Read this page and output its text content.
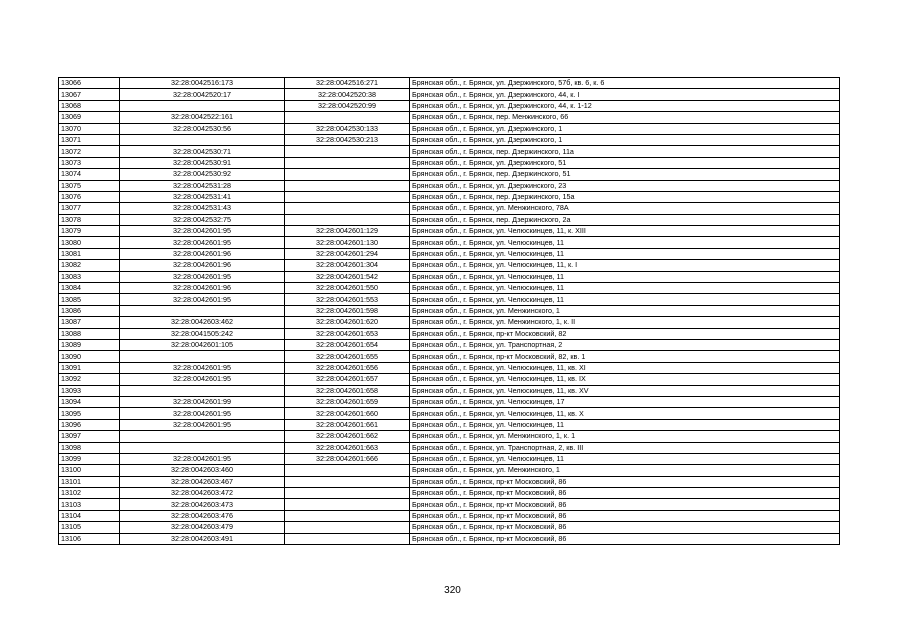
13066	32:28:0042516:173	32:28:0042516:271	Брянская обл., г. Брянск, ул. Дзержинского, 57б, кв. 6, к. 6
13067	32:28:0042520:17	32:28:0042520:38	Брянская обл., г. Брянск, ул. Дзержинского, 44, к. I
13068		32:28:0042520:99	Брянская обл., г. Брянск, ул. Дзержинского, 44, к. 1-12
13069	32:28:0042522:161		Брянская обл., г. Брянск, пер. Менжинского, 66
13070	32:28:0042530:56	32:28:0042530:133	Брянская обл., г. Брянск, ул. Дзержинского, 1
13071		32:28:0042530:213	Брянская обл., г. Брянск, ул. Дзержинского, 1
13072	32:28:0042530:71		Брянская обл., г. Брянск, пер. Дзержинского, 11а
13073	32:28:0042530:91		Брянская обл., г. Брянск, ул. Дзержинского, 51
13074	32:28:0042530:92		Брянская обл., г. Брянск, пер. Дзержинского, 51
13075	32:28:0042531:28		Брянская обл., г. Брянск, ул. Дзержинского, 23
13076	32:28:0042531:41		Брянская обл., г. Брянск, пер. Дзержинского, 15а
13077	32:28:0042531:43		Брянская обл., г. Брянск, ул. Менжинского, 78А
13078	32:28:0042532:75		Брянская обл., г. Брянск, пер. Дзержинского, 2а
13079	32:28:0042601:95	32:28:0042601:129	Брянская обл., г. Брянск, ул. Челюскинцев, 11, к. XIII
13080	32:28:0042601:95	32:28:0042601:130	Брянская обл., г. Брянск, ул. Челюскинцев, 11
13081	32:28:0042601:96	32:28:0042601:294	Брянская обл., г. Брянск, ул. Челюскинцев, 11
13082	32:28:0042601:96	32:28:0042601:304	Брянская обл., г. Брянск, ул. Челюскинцев, 11, к. I
13083	32:28:0042601:95	32:28:0042601:542	Брянская обл., г. Брянск, ул. Челюскинцев, 11
13084	32:28:0042601:96	32:28:0042601:550	Брянская обл., г. Брянск, ул. Челюскинцев, 11
13085	32:28:0042601:95	32:28:0042601:553	Брянская обл., г. Брянск, ул. Челюскинцев, 11
13086		32:28:0042601:598	Брянская обл., г. Брянск, ул. Менжинского, 1
13087	32:28:0042603:462	32:28:0042601:620	Брянская обл., г. Брянск, ул. Менжинского, 1, к. II
13088	32:28:0041505:242	32:28:0042601:653	Брянская обл., г. Брянск, пр-кт Московский, 82
13089	32:28:0042601:105	32:28:0042601:654	Брянская обл., г. Брянск, ул. Транспортная, 2
13090		32:28:0042601:655	Брянская обл., г. Брянск, пр-кт Московский, 82, кв. 1
13091	32:28:0042601:95	32:28:0042601:656	Брянская обл., г. Брянск, ул. Челюскинцев, 11, кв. XI
13092	32:28:0042601:95	32:28:0042601:657	Брянская обл., г. Брянск, ул. Челюскинцев, 11, кв. IX
13093		32:28:0042601:658	Брянская обл., г. Брянск, ул. Челюскинцев, 11, кв. XV
13094	32:28:0042601:99	32:28:0042601:659	Брянская обл., г. Брянск, ул. Челюскинцев, 17
13095	32:28:0042601:95	32:28:0042601:660	Брянская обл., г. Брянск, ул. Челюскинцев, 11, кв. X
13096	32:28:0042601:95	32:28:0042601:661	Брянская обл., г. Брянск, ул. Челюскинцев, 11
13097		32:28:0042601:662	Брянская обл., г. Брянск, ул. Менжинского, 1, к. 1
13098		32:28:0042601:663	Брянская обл., г. Брянск, ул. Транспортная, 2, кв. III
13099	32:28:0042601:95	32:28:0042601:666	Брянская обл., г. Брянск, ул. Челюскинцев, 11
13100	32:28:0042603:460		Брянская обл., г. Брянск, ул. Менжинского, 1
13101	32:28:0042603:467		Брянская обл., г. Брянск, пр-кт Московский, 86
13102	32:28:0042603:472		Брянская обл., г. Брянск, пр-кт Московский, 86
13103	32:28:0042603:473		Брянская обл., г. Брянск, пр-кт Московский, 86
13104	32:28:0042603:476		Брянская обл., г. Брянск, пр-кт Московский, 86
13105	32:28:0042603:479		Брянская обл., г. Брянск, пр-кт Московский, 86
13106	32:28:0042603:491		Брянская обл., г. Брянск, пр-кт Московский, 86
320
